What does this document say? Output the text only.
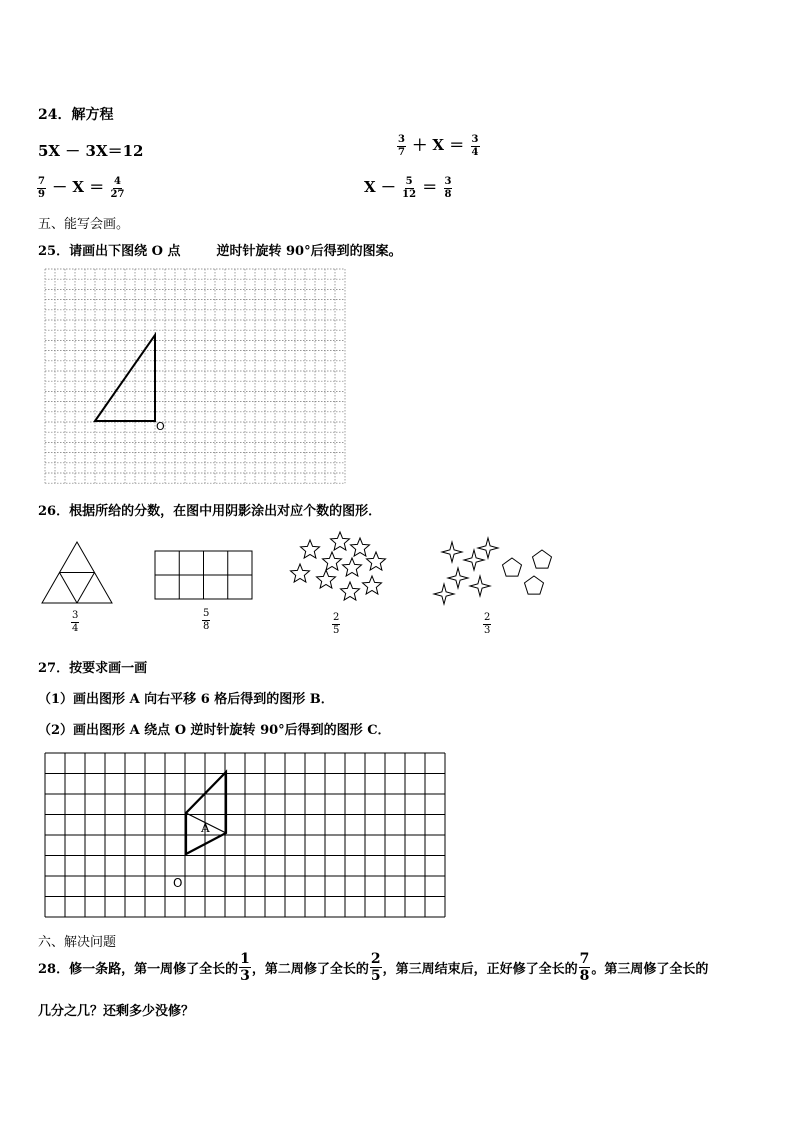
24．解方程
5X － 3X＝12	$\frac{3}{7} + X = \frac{3}{4}$
$\frac{7}{9} - X = \frac{4}{27}$	$X - \frac{5}{12} = \frac{3}{8}$
五、能写会画。
25．请画出下图绕 O 点	逆时针旋转 90°后得到的图案。
O
26．根据所给的分数，在图中用阴影涂出对应个数的图形．
$\frac{3}{4}$	$\frac{5}{8}$	$\frac{2}{5}$	$\frac{2}{3}$
27．按要求画一画
（1）画出图形 A 向右平移 6 格后得到的图形 B．
（2）画出图形 A 绕点 O 逆时针旋转 90°后得到的图形 C．
A
O
六、解决问题
28．修一条路，第一周修了全长的 $\frac{1}{3}$ ，第二周修了全长的 $\frac{2}{5}$ ，第三周结束后，正好修了全长的 $\frac{7}{8}$ 。第三周修了全长的
几分之几？还剩多少没修？
